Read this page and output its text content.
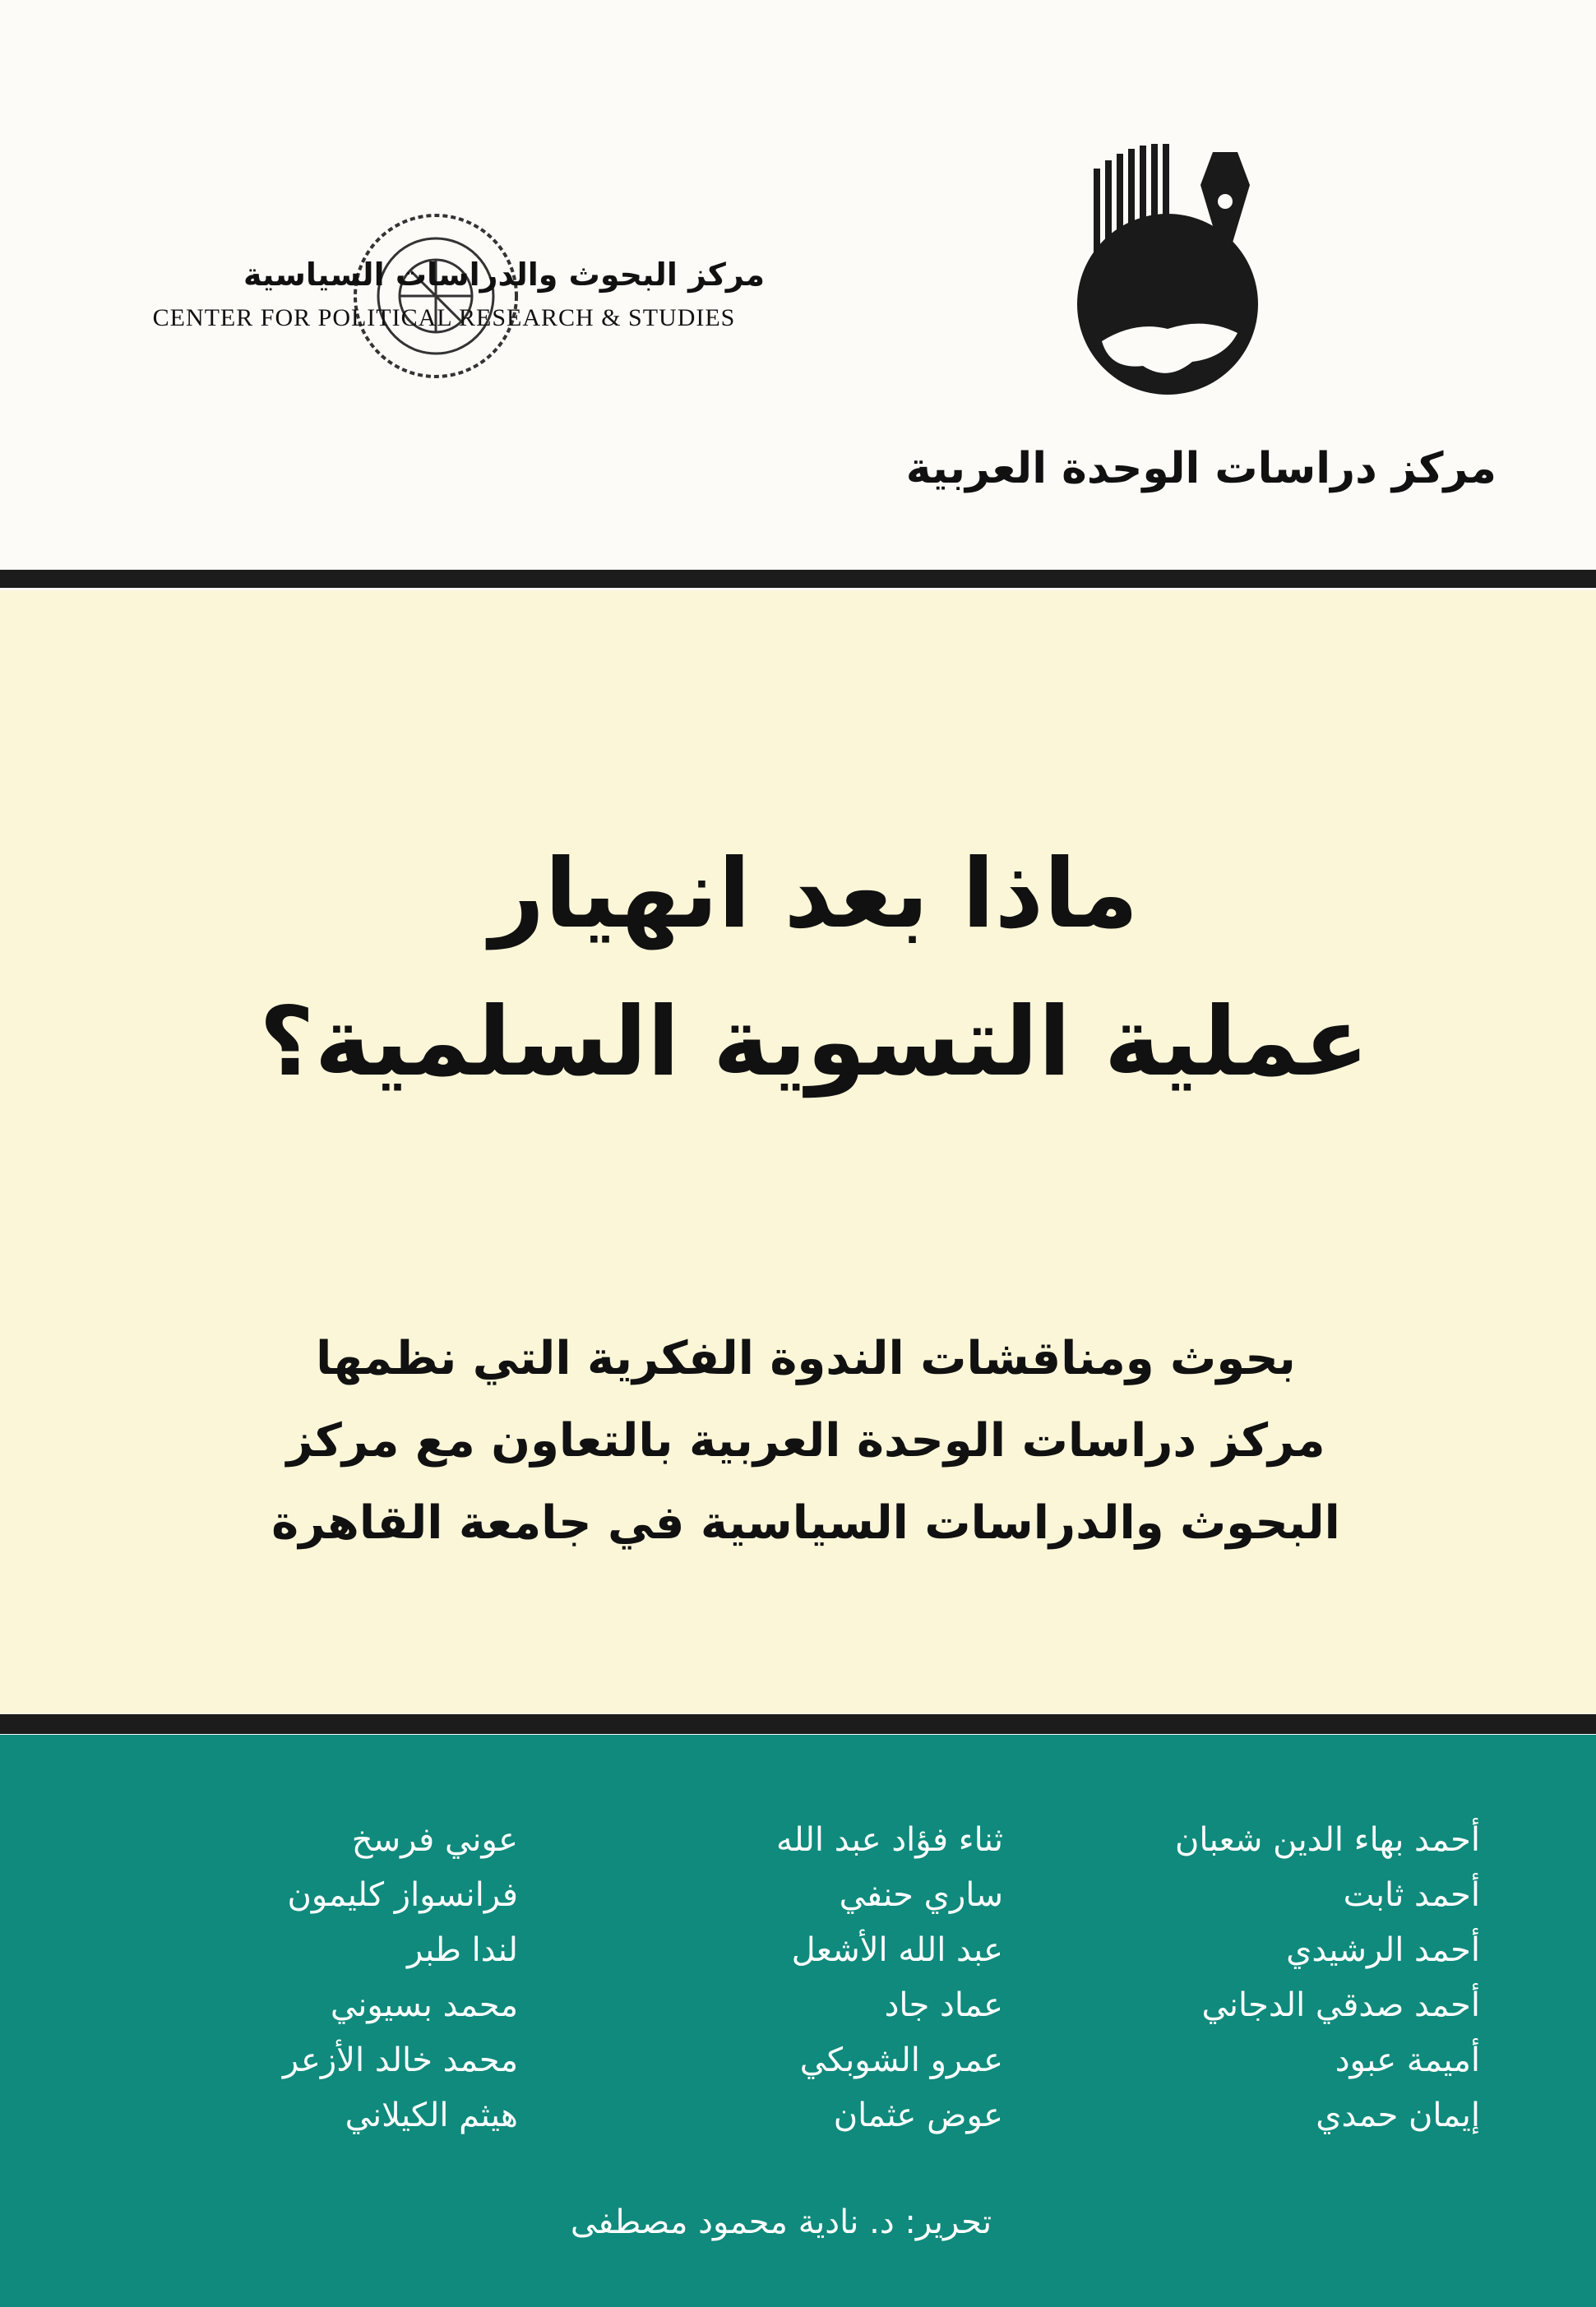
مركز البحوث والدراسات السياسية
CENTER FOR POLITICAL RESEARCH & STUDIES
مركز دراسات الوحدة العربية
ماذا بعد انهيار
عملية التسوية السلمية؟
بحوث ومناقشات الندوة الفكرية التي نظمها
مركز دراسات الوحدة العربية بالتعاون مع مركز
البحوث والدراسات السياسية في جامعة القاهرة
أحمد بهاء الدين شعبان
أحمد ثابت
أحمد الرشيدي
أحمد صدقي الدجاني
أميمة عبود
إيمان حمدي
ثناء فؤاد عبد الله
ساري حنفي
عبد الله الأشعل
عماد جاد
عمرو الشوبكي
عوض عثمان
عوني فرسخ
فرانسواز كليمون
لندا طبر
محمد بسيوني
محمد خالد الأزعر
هيثم الكيلاني
تحرير: د. نادية محمود مصطفى
